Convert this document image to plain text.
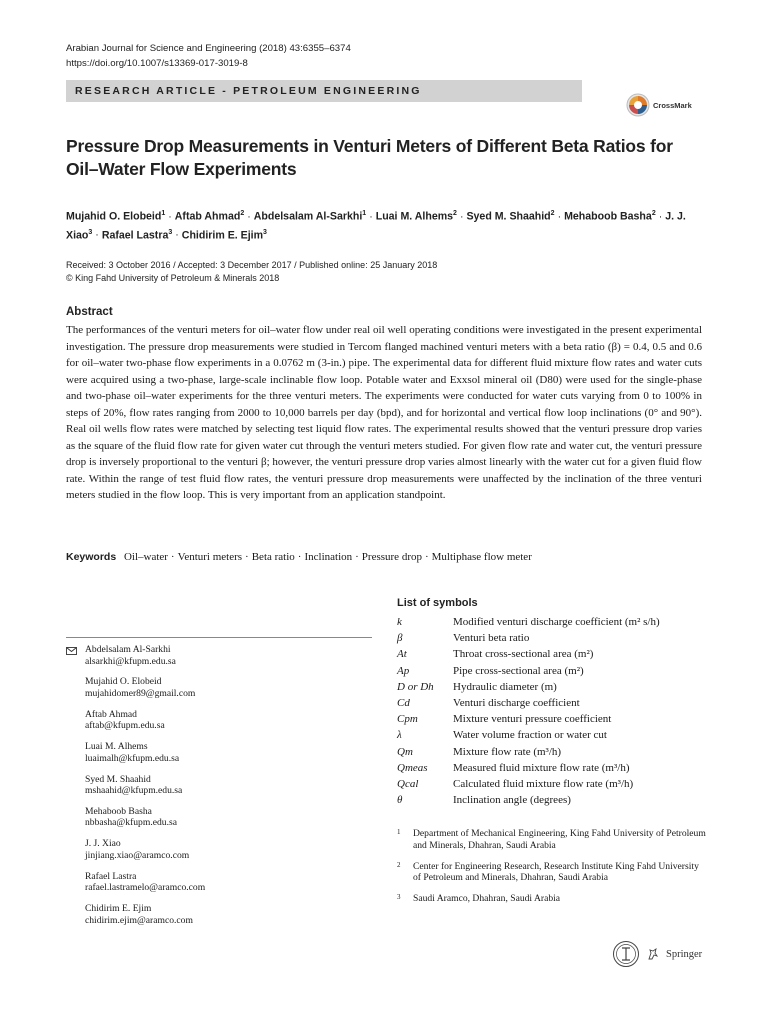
Arabian Journal for Science and Engineering (2018) 43:6355–6374
https://doi.org/10.1007/s13369-017-3019-8
RESEARCH ARTICLE - PETROLEUM ENGINEERING
CrossMark
Pressure Drop Measurements in Venturi Meters of Different Beta Ratios for Oil–Water Flow Experiments
Mujahid O. Elobeid$^1$ · Aftab Ahmad$^2$ · Abdelsalam Al-Sarkhi$^1$ · Luai M. Alhems$^2$ · Syed M. Shaahid$^2$ · Mehaboob Basha$^2$ · J. J. Xiao$^3$ · Rafael Lastra$^3$ · Chidirim E. Ejim$^3$
Received: 3 October 2016 / Accepted: 3 December 2017 / Published online: 25 January 2018
© King Fahd University of Petroleum & Minerals 2018
Abstract
The performances of the venturi meters for oil–water flow under real oil well operating conditions were investigated in the present experimental investigation. The pressure drop measurements were studied in Tercom flanged machined venturi meters with a beta ratio (β) = 0.4, 0.5 and 0.6 for oil–water two-phase flow experiments in a 0.0762 m (3-in.) pipe. The experimental data for different fluid mixture flow rates and water cuts were acquired using a two-phase, large-scale inclinable flow loop. Potable water and Exxsol mineral oil (D80) were used for the single-phase and two-phase oil–water experiments for the three venturi meters. The experiments were conducted for water cuts varying from 0 to 100% in steps of 20%, flow rates ranging from 2000 to 10,000 barrels per day (bpd), and for horizontal and vertical flow loop inclinations (0° and 90°). Real oil wells flow rates were matched by selecting test liquid flow rates. The experimental results showed that the venturi pressure drop varies as the square of the fluid flow rate for given water cut through the venturi meters studied. For given flow rate and water cut, the venturi pressure drop is inversely proportional to the venturi β; however, the venturi pressure drop varies almost linearly with the water cut for a given fluid flow rate. Within the range of test fluid flow rates, the venturi pressure drop measurements were unaffected by the inclination of the three venturi meters studied in the flow loop. This is very important from an application standpoint.
Keywords Oil–water · Venturi meters · Beta ratio · Inclination · Pressure drop · Multiphase flow meter
List of symbols
k	Modified venturi discharge coefficient (m² s/h)
β	Venturi beta ratio
At	Throat cross-sectional area (m²)
Ap	Pipe cross-sectional area (m²)
D or Dh	Hydraulic diameter (m)
Cd	Venturi discharge coefficient
Cpm	Mixture venturi pressure coefficient
λ	Water volume fraction or water cut
Qm	Mixture flow rate (m³/h)
Qmeas	Measured fluid mixture flow rate (m³/h)
Qcal	Calculated fluid mixture flow rate (m³/h)
θ	Inclination angle (degrees)
Abdelsalam Al-Sarkhi
alsarkhi@kfupm.edu.sa
Mujahid O. Elobeid
mujahidomer89@gmail.com
Aftab Ahmad
aftab@kfupm.edu.sa
Luai M. Alhems
luaimalh@kfupm.edu.sa
Syed M. Shaahid
mshaahid@kfupm.edu.sa
Mehaboob Basha
nbbasha@kfupm.edu.sa
J. J. Xiao
jinjiang.xiao@aramco.com
Rafael Lastra
rafael.lastramelo@aramco.com
Chidirim E. Ejim
chidirim.ejim@aramco.com
1	Department of Mechanical Engineering, King Fahd University of Petroleum and Minerals, Dhahran, Saudi Arabia
2	Center for Engineering Research, Research Institute King Fahd University of Petroleum and Minerals, Dhahran, Saudi Arabia
3	Saudi Aramco, Dhahran, Saudi Arabia
Springer
